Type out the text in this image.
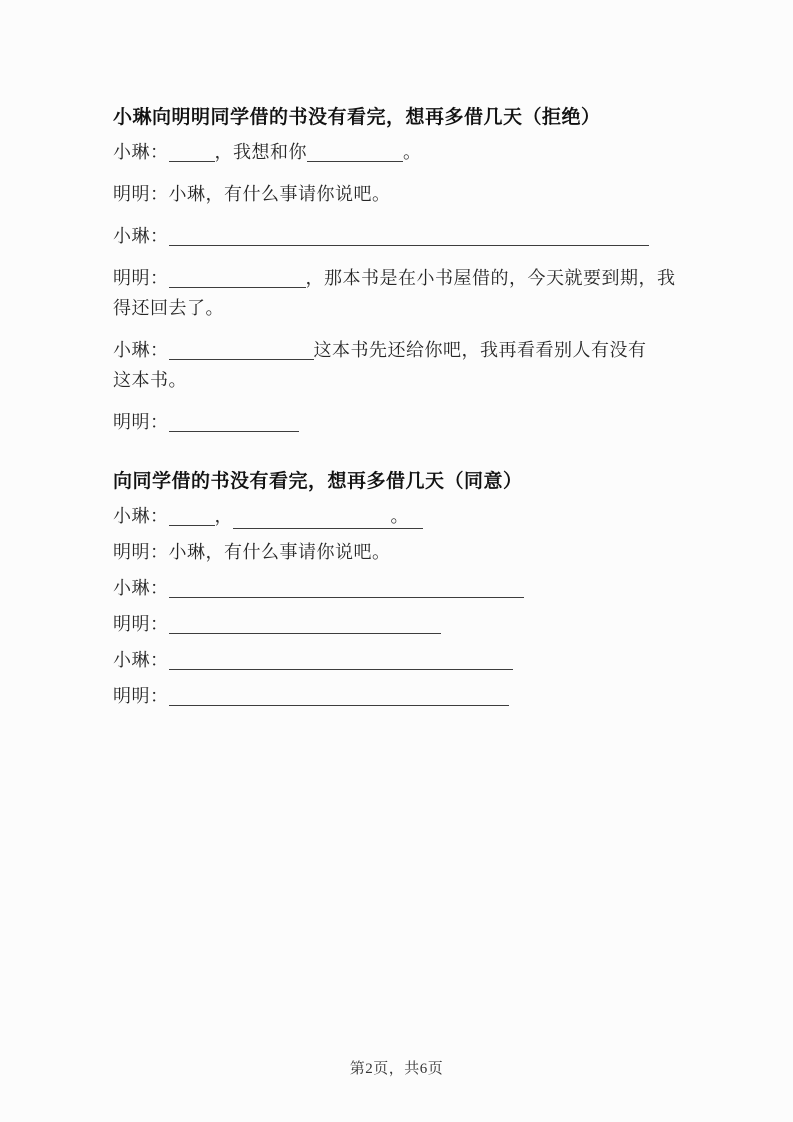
小琳向明明同学借的书没有看完，想再多借几天（拒绝）

小琳：	，我想和你	。

明明：小琳，有什么事请你说吧。

小琳：

明明：	，那本书是在小书屋借的，今天就要到期，我
得还回去了。

小琳：	这本书先还给你吧，我再看看别人有没有
这本书。

明明：

向同学借的书没有看完，想再多借几天（同意）

小琳：	，	。

明明：小琳，有什么事请你说吧。

小琳：

明明：

小琳：

明明：

第2页，共6页
